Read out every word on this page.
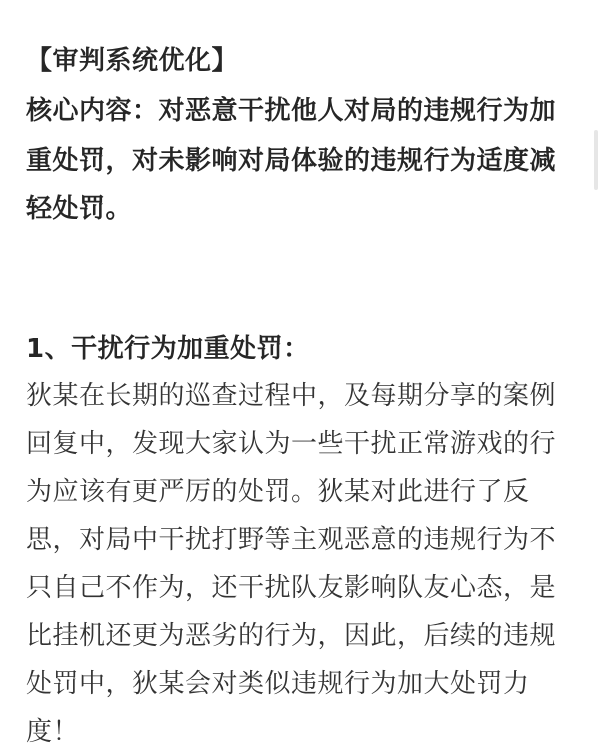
【审判系统优化】
核心内容：对恶意干扰他人对局的违规行为加
重处罚，对未影响对局体验的违规行为适度减
轻处罚。
1、干扰行为加重处罚：
狄某在长期的巡查过程中，及每期分享的案例
回复中，发现大家认为一些干扰正常游戏的行
为应该有更严厉的处罚。狄某对此进行了反
思，对局中干扰打野等主观恶意的违规行为不
只自己不作为，还干扰队友影响队友心态，是
比挂机还更为恶劣的行为，因此，后续的违规
处罚中，狄某会对类似违规行为加大处罚力
度！
